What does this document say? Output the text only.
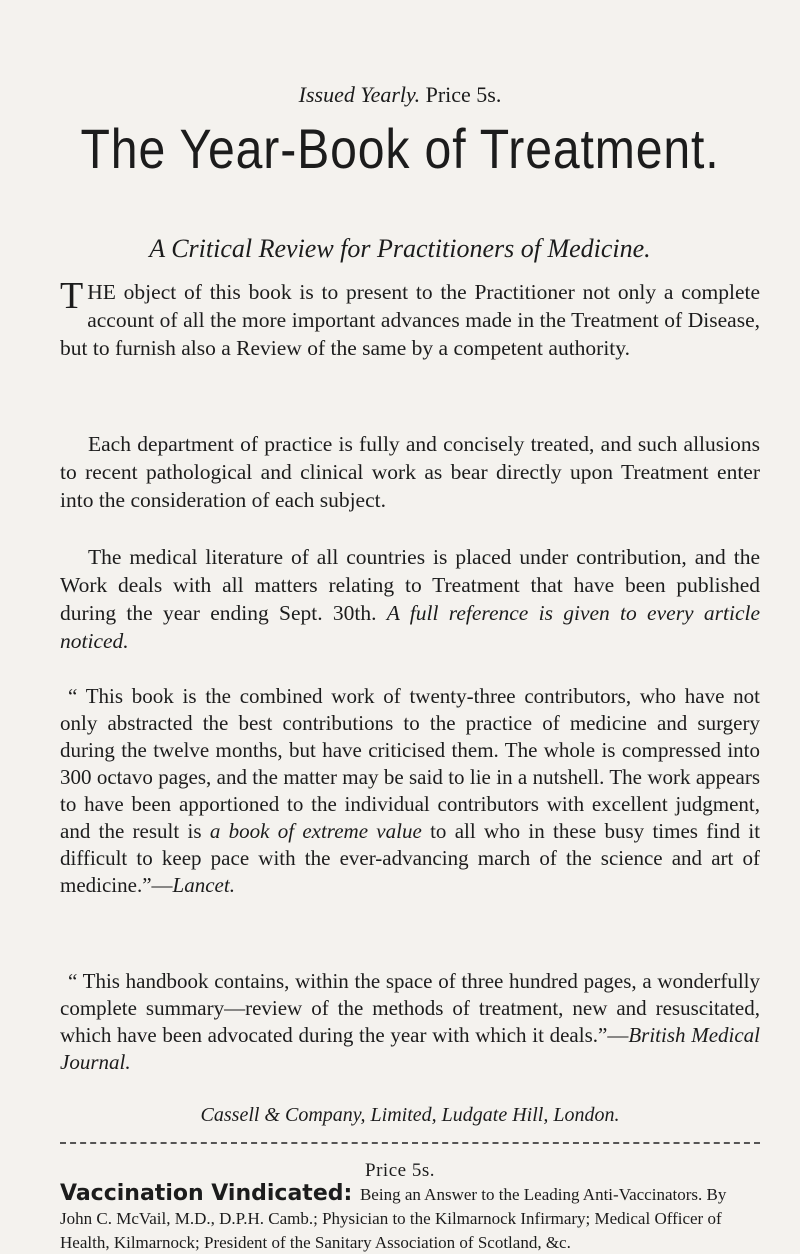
Issued Yearly. Price 5s.
The Year-Book of Treatment.
A Critical Review for Practitioners of Medicine.
THE object of this book is to present to the Practitioner not only a complete account of all the more important advances made in the Treatment of Disease, but to furnish also a Review of the same by a competent authority.
Each department of practice is fully and concisely treated, and such allusions to recent pathological and clinical work as bear directly upon Treatment enter into the consideration of each subject.
The medical literature of all countries is placed under contribution, and the Work deals with all matters relating to Treatment that have been published during the year ending Sept. 30th. A full reference is given to every article noticed.
“ This book is the combined work of twenty-three contributors, who have not only abstracted the best contributions to the practice of medicine and surgery during the twelve months, but have criticised them. The whole is compressed into 300 octavo pages, and the matter may be said to lie in a nutshell. The work appears to have been apportioned to the individual contributors with excellent judgment, and the result is a book of extreme value to all who in these busy times find it difficult to keep pace with the ever-advancing march of the science and art of medicine.”—Lancet.
“ This handbook contains, within the space of three hundred pages, a wonderfully complete summary—review of the methods of treatment, new and resuscitated, which have been advocated during the year with which it deals.”—British Medical Journal.
Cassell & Company, Limited, Ludgate Hill, London.
Price 5s.
Vaccination Vindicated: Being an Answer to the Leading Anti-Vaccinators. By John C. McVail, M.D., D.P.H. Camb.; Physician to the Kilmarnock Infirmary; Medical Officer of Health, Kilmarnock; President of the Sanitary Association of Scotland, &c.
